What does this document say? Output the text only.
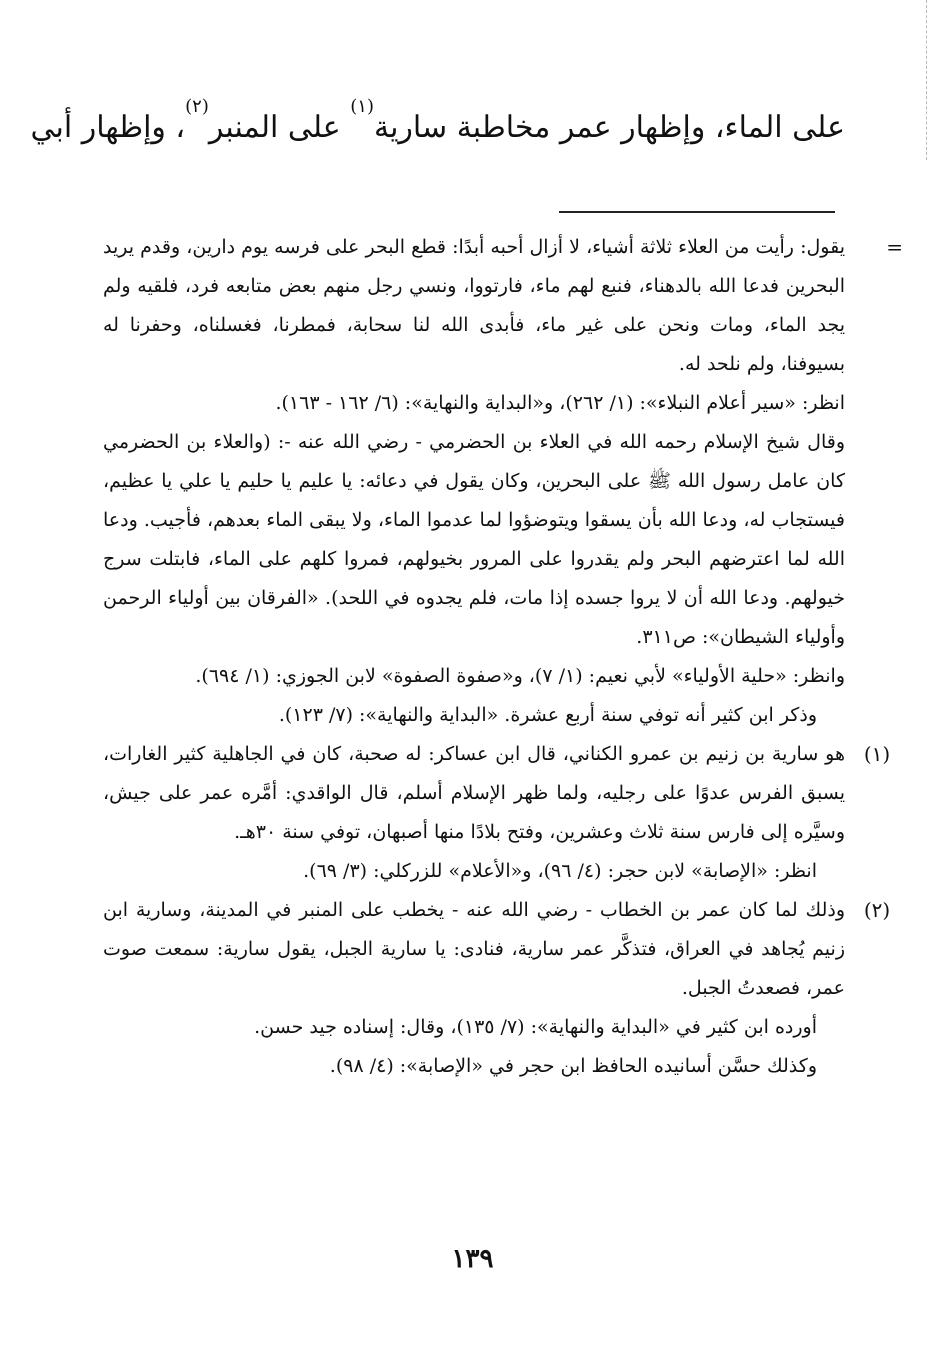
على الماء، وإظهار عمر مخاطبة سارية$^{(١)}$ على المنبر$^{(٢)}$، وإظهار أبي
=
يقول: رأيت من العلاء ثلاثة أشياء، لا أزال أحبه أبدًا: قطع البحر على فرسه يوم دارين، وقدم يريد البحرين فدعا الله بالدهناء، فنبع لهم ماء، فارتووا، ونسي رجل منهم بعض متابعه فرد، فلقيه ولم يجد الماء، ومات ونحن على غير ماء، فأبدى الله لنا سحابة، فمطرنا، فغسلناه، وحفرنا له بسيوفنا، ولم نلحد له.
انظر: «سير أعلام النبلاء»: (١/ ٢٦٢)، و«البداية والنهاية»: (٦/ ١٦٢ - ١٦٣).
وقال شيخ الإسلام رحمه الله في العلاء بن الحضرمي - رضي الله عنه -: (والعلاء بن الحضرمي كان عامل رسول الله ﷺ على البحرين، وكان يقول في دعائه: يا عليم يا حليم يا علي يا عظيم، فيستجاب له، ودعا الله بأن يسقوا ويتوضؤوا لما عدموا الماء، ولا يبقى الماء بعدهم، فأجيب. ودعا الله لما اعترضهم البحر ولم يقدروا على المرور بخيولهم، فمروا كلهم على الماء، فابتلت سرج خيولهم. ودعا الله أن لا يروا جسده إذا مات، فلم يجدوه في اللحد). «الفرقان بين أولياء الرحمن وأولياء الشيطان»: ص٣١١.
وانظر: «حلية الأولياء» لأبي نعيم: (١/ ٧)، و«صفوة الصفوة» لابن الجوزي: (١/ ٦٩٤).
وذكر ابن كثير أنه توفي سنة أربع عشرة. «البداية والنهاية»: (٧/ ١٢٣).
(١)
هو سارية بن زنيم بن عمرو الكناني، قال ابن عساكر: له صحبة، كان في الجاهلية كثير الغارات، يسبق الفرس عدوًا على رجليه، ولما ظهر الإسلام أسلم، قال الواقدي: أمَّره عمر على جيش، وسيَّره إلى فارس سنة ثلاث وعشرين، وفتح بلادًا منها أصبهان، توفي سنة ٣٠هـ.
انظر: «الإصابة» لابن حجر: (٤/ ٩٦)، و«الأعلام» للزركلي: (٣/ ٦٩).
(٢)
وذلك لما كان عمر بن الخطاب - رضي الله عنه - يخطب على المنبر في المدينة، وسارية ابن زنيم يُجاهد في العراق، فتذكَّر عمر سارية، فنادى: يا سارية الجبل، يقول سارية: سمعت صوت عمر، فصعدتُ الجبل.
أورده ابن كثير في «البداية والنهاية»: (٧/ ١٣٥)، وقال: إسناده جيد حسن.
وكذلك حسَّن أسانيده الحافظ ابن حجر في «الإصابة»: (٤/ ٩٨).
١٣٩
